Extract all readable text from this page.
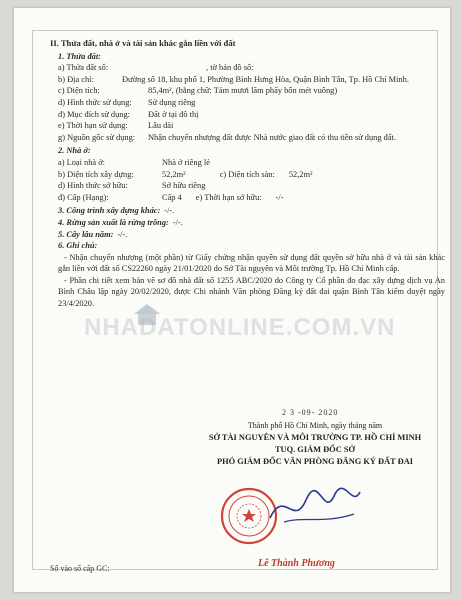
II. Thửa đất, nhà ở và tài sản khác gắn liền với đất
1. Thửa đất:
a) Thửa đất số:	, tờ bản đồ số:
b) Địa chỉ:	Đường số 18, khu phố 1, Phường Bình Hưng Hòa, Quận Bình Tân, Tp. Hồ Chí Minh.
c) Diện tích:	85,4m², (bằng chữ: Tám mươi lăm phẩy bốn mét vuông)
d) Hình thức sử dụng:	Sử dụng riêng
đ) Mục đích sử dụng:	Đất ở tại đô thị
e) Thời hạn sử dụng:	Lâu dài
g) Nguồn gốc sử dụng:	Nhận chuyển nhượng đất được Nhà nước giao đất có thu tiền sử dụng đất.
2. Nhà ở:
a) Loại nhà ở:	Nhà ở riêng lẻ
b) Diện tích xây dựng:	52,2m²	c) Diện tích sàn: 52,2m²
d) Hình thức sở hữu:	Sở hữu riêng
đ) Cấp (Hạng):	Cấp 4 e) Thời hạn sở hữu: -/-
3. Công trình xây dựng khác: -/-.
4. Rừng sản xuất là rừng trồng: -/-.
5. Cây lâu năm: -/-.
6. Ghi chú:
- Nhận chuyển nhượng (một phần) từ Giấy chứng nhận quyền sử dụng đất quyền sở hữu nhà ở và tài sản khác gắn liền với đất số CS22260 ngày 21/01/2020 do Sở Tài nguyên và Môi trường Tp. Hồ Chí Minh cấp.
- Phần chi tiết xem bản vẽ sơ đồ nhà đất số 1255 ABC/2020 do Công ty Cổ phần đo đạc xây dựng dịch vụ An Bình Châu lập ngày 20/02/2020, được Chi nhánh Văn phòng Đăng ký đất đai quận Bình Tân kiểm duyệt ngày 23/4/2020.
NHADATONLINE.COM.VN
2 3 -09- 2020
Thành phố Hồ Chí Minh, ngày tháng năm
SỞ TÀI NGUYÊN VÀ MÔI TRƯỜNG TP. HỒ CHÍ MINH
TUQ. GIÁM ĐỐC SỞ
PHÓ GIÁM ĐỐC VĂN PHÒNG ĐĂNG KÝ ĐẤT ĐAI
Lê Thành Phương
Số vào sổ cấp GC:
